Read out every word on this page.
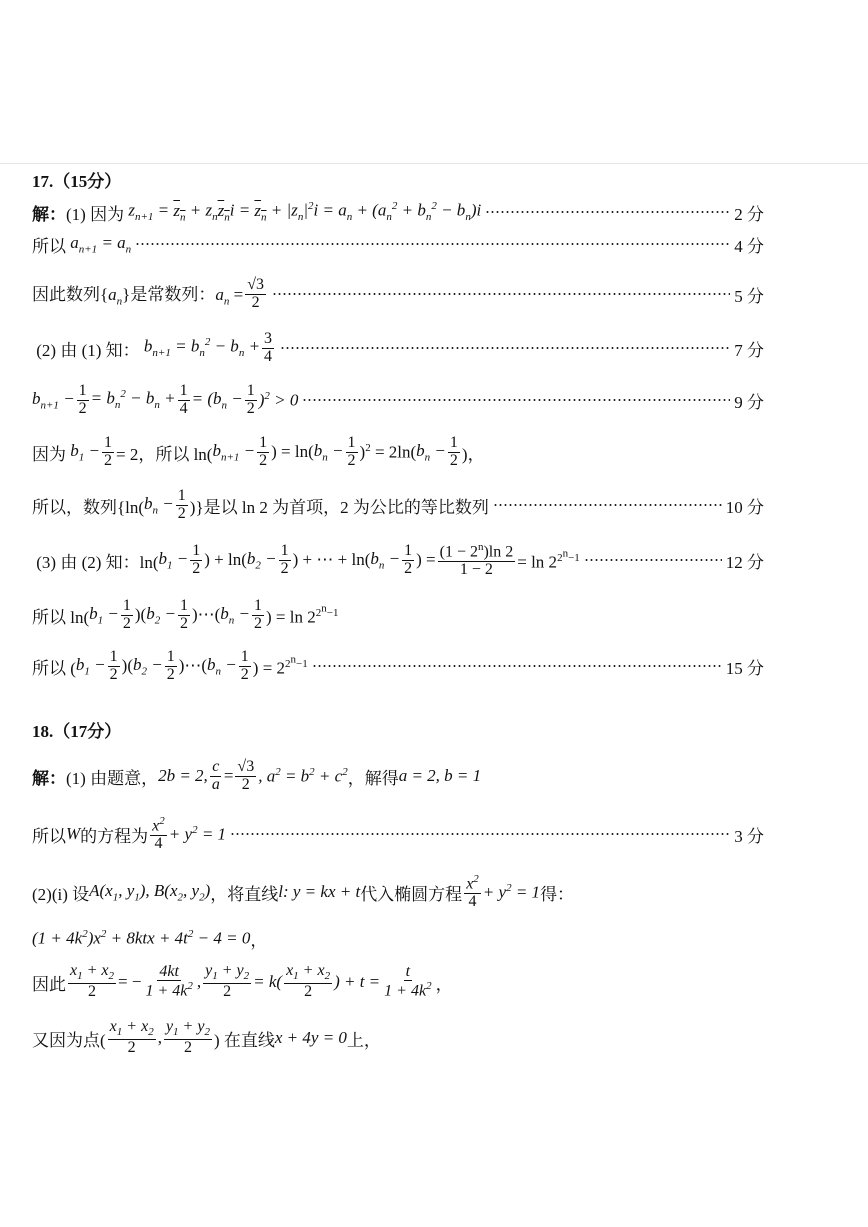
17.（15分）
解： (1) 因为 $z_{n+1} = z_n + z_nz_ni = z_n + |z_n|^2i = a_n + (a_n^2 + b_n^2 - b_n)i$	2 分
所以 $a_{n+1} = a_n$	4 分
因此数列$\{a_n\}$是常数列：$a_n = \frac{√3}{2}$	5 分
(2) 由 (1) 知： $b_{n+1} = b_n^2 - b_n + \frac{3}{4}$	7 分
$b_{n+1} - \frac{1}{2} = b_n^2 - b_n + \frac{1}{4} = (b_n - \frac{1}{2} )^2 > 0$	9 分
因为 $b_1 - \frac{1}{2} = 2$，所以 ln( $b_{n+1} - \frac{1}{2}$ ) = ln( $b_n - \frac{1}{2} )^2 = 2\ln$( $b_n - \frac{1}{2}$ )，
所以，数列{ln( $b_n - \frac{1}{2}$ )}是以 ln 2 为首项，2 为公比的等比数列	10 分
(3) 由 (2) 知：ln( $b_1 - \frac{1}{2}$ ) + ln( $b_2 - \frac{1}{2}$ ) + ⋯ + ln( $b_n - \frac{1}{2}$ ) = $\frac{(1 - 2^n)\ln 2}{1 - 2} = \ln 2^{2^n-1}$	12 分
所以 ln( $b_1 - \frac{1}{2}$ )( $b_2 - \frac{1}{2}$ )⋯( $b_n - \frac{1}{2}$ ) = $\ln 2^{2^n-1}$
所以 ( $b_1 - \frac{1}{2}$ )( $b_2 - \frac{1}{2}$ )⋯( $b_n - \frac{1}{2}$ ) = $2^{2^n-1}$	15 分
18.（17分）
解： (1) 由题意， 2b = 2, $\frac{c}{a} = \frac{√3}{2}$ , $a^2 = b^2 + c^2$ ，解得 a = 2, b = 1
所以 W 的方程为 $\frac{x^2}{4} + y^2 = 1$	3 分
(2)(i) 设 $A(x_1$, $y_1$), $B(x_2$, $y_2$) ，将直线 l: y = kx + t 代入椭圆方程 $\frac{x^2}{4} + y^2 = 1$ 得：
$(1 + 4k^2)x^2 + 8ktx + 4t^2 - 4 = 0$ ，
因此 $\frac{x_1 + x_2}{2}$ = − $\frac{4kt}{1 + 4k^2}$ , $\frac{y_1 + y_2}{2} = k( \frac{x_1 + x_2}{2}$ ) + $t = \frac{t}{1 + 4k^2}$ ，
又因为点( $\frac{x_1 + x_2}{2}$ , $\frac{y_1 + y_2}{2}$ ) 在直线 x + 4y = 0 上，
